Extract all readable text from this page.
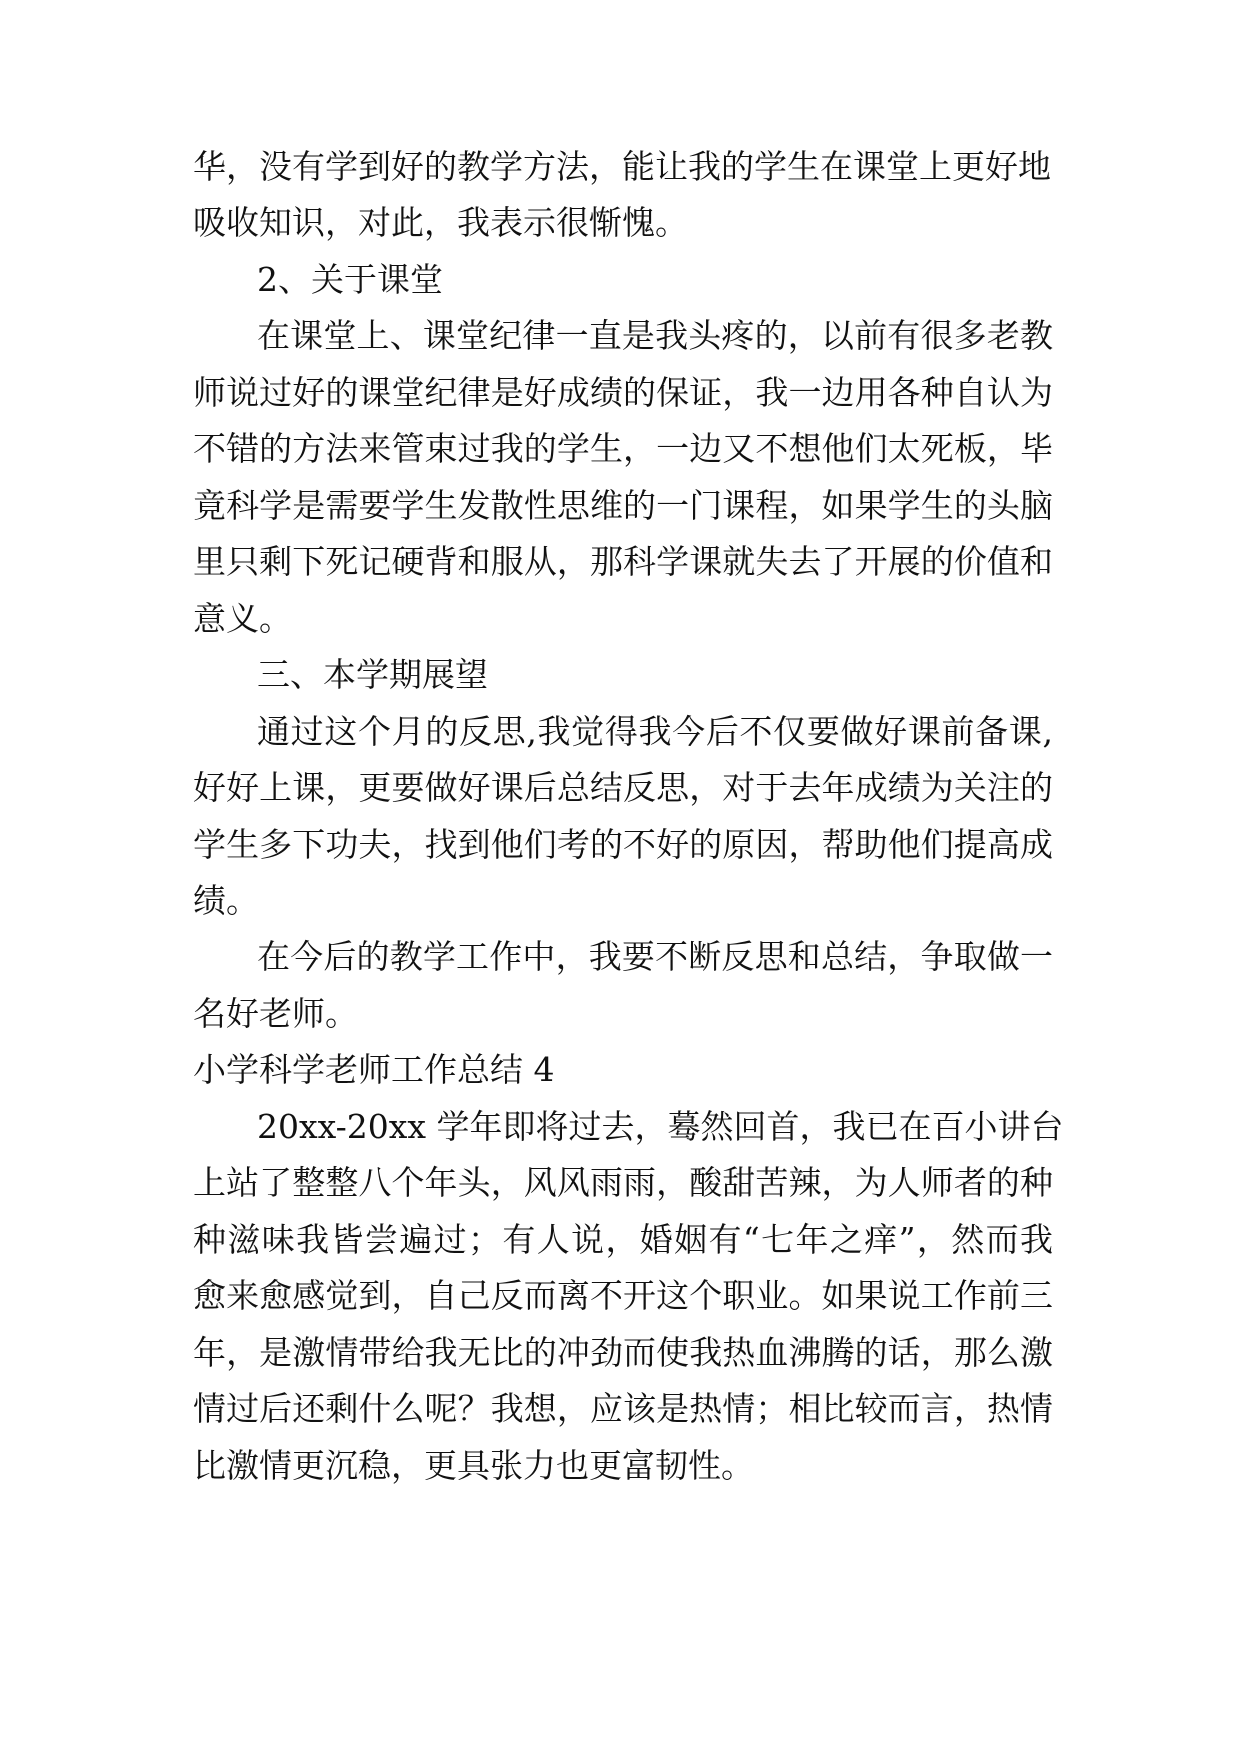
华，没有学到好的教学方法，能让我的学生在课堂上更好地
吸收知识，对此，我表示很惭愧。
2、关于课堂
在课堂上、课堂纪律一直是我头疼的，以前有很多老教
师说过好的课堂纪律是好成绩的保证，我一边用各种自认为
不错的方法来管束过我的学生，一边又不想他们太死板，毕
竟科学是需要学生发散性思维的一门课程，如果学生的头脑
里只剩下死记硬背和服从，那科学课就失去了开展的价值和
意义。
三、本学期展望
通过这个月的反思,我觉得我今后不仅要做好课前备课,
好好上课，更要做好课后总结反思，对于去年成绩为关注的
学生多下功夫，找到他们考的不好的原因，帮助他们提高成
绩。
在今后的教学工作中，我要不断反思和总结，争取做一
名好老师。
小学科学老师工作总结 4
20xx-20xx 学年即将过去，蓦然回首，我已在百小讲台
上站了整整八个年头，风风雨雨，酸甜苦辣，为人师者的种
种滋味我皆尝遍过；有人说，婚姻有“七年之痒”，然而我
愈来愈感觉到，自己反而离不开这个职业。如果说工作前三
年，是激情带给我无比的冲劲而使我热血沸腾的话，那么激
情过后还剩什么呢？我想，应该是热情；相比较而言，热情
比激情更沉稳，更具张力也更富韧性。
